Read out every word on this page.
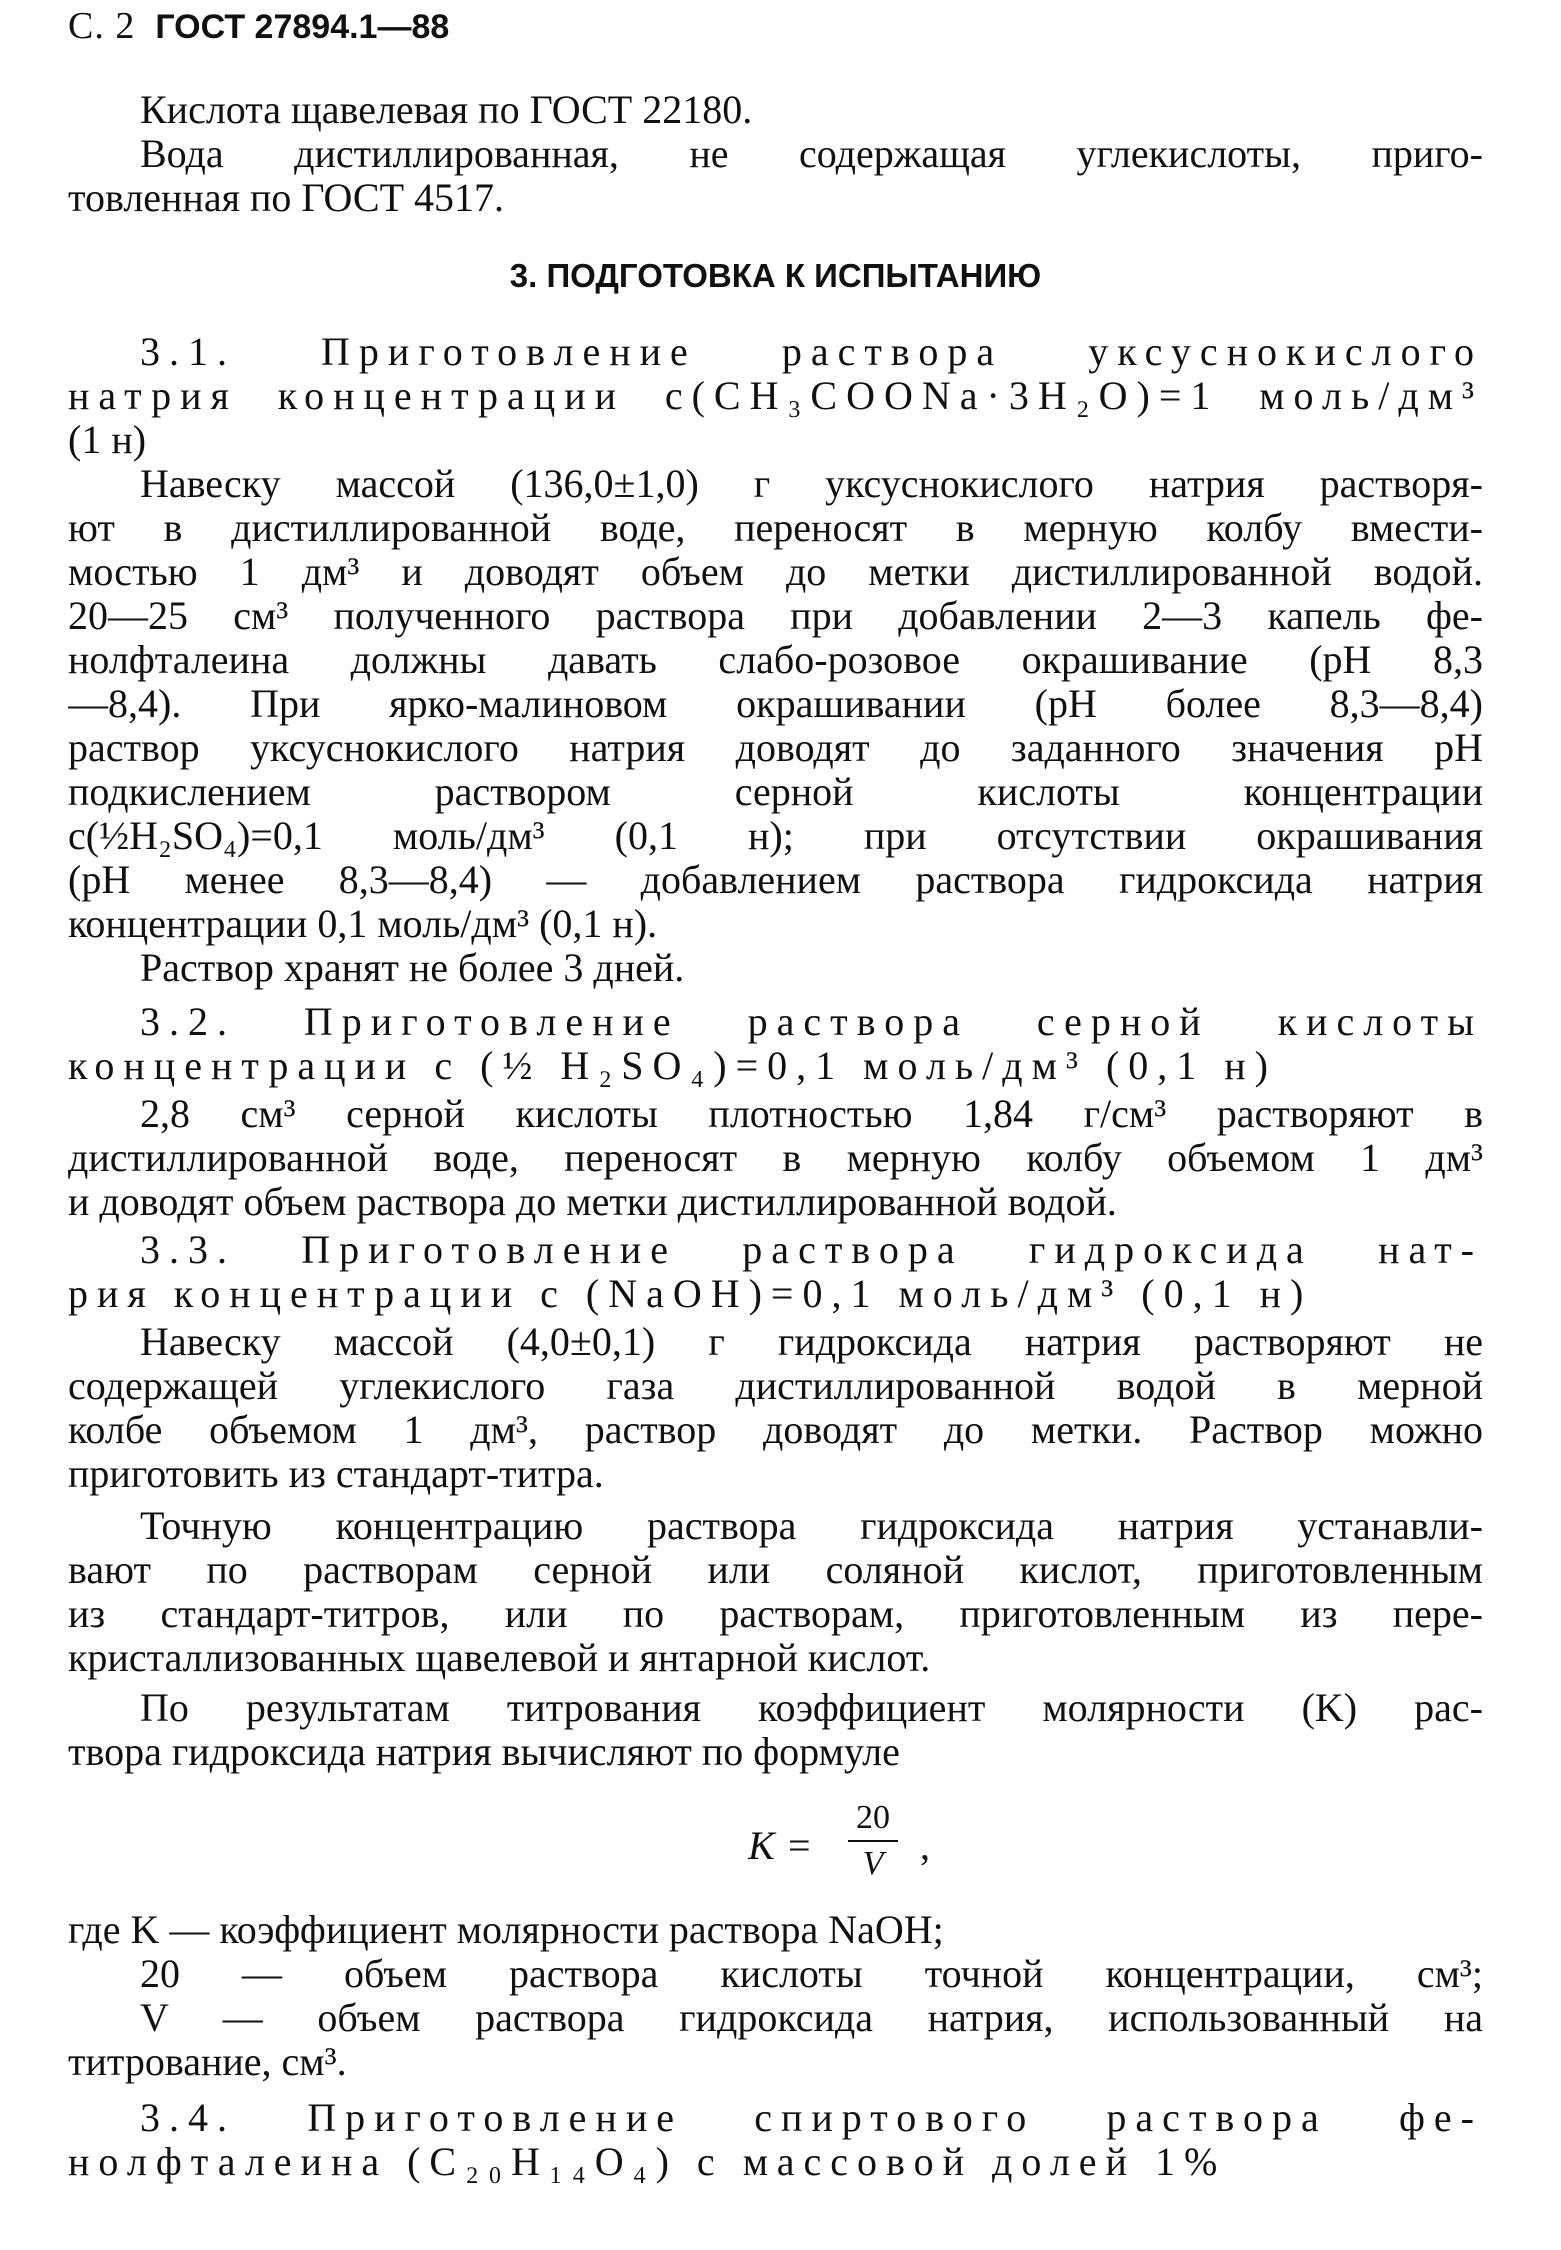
С. 2 ГОСТ 27894.1—88
Кислота щавелевая по ГОСТ 22180.
Вода дистиллированная, не содержащая углекислоты, приго-
товленная по ГОСТ 4517.
3. ПОДГОТОВКА К ИСПЫТАНИЮ
3.1. Приготовление раствора уксуснокислого
натрия концентрации c(CH₃COONa·3H₂O)=1 моль/дм³
(1 н)
Навеску массой (136,0±1,0) г уксуснокислого натрия растворя-
ют в дистиллированной воде, переносят в мерную колбу вмести-
мостью 1 дм³ и доводят объем до метки дистиллированной водой.
20—25 см³ полученного раствора при добавлении 2—3 капель фе-
нолфталеина должны давать слабо-розовое окрашивание (pH 8,3
—8,4). При ярко-малиновом окрашивании (pH более 8,3—8,4)
раствор уксуснокислого натрия доводят до заданного значения pH
подкислением раствором серной кислоты концентрации
c(½H₂SO₄)=0,1 моль/дм³ (0,1 н); при отсутствии окрашивания
(pH менее 8,3—8,4) — добавлением раствора гидроксида натрия
концентрации 0,1 моль/дм³ (0,1 н).
Раствор хранят не более 3 дней.
3.2. Приготовление раствора серной кислоты
концентрации c (½ H₂SO₄)=0,1 моль/дм³ (0,1 н)
2,8 см³ серной кислоты плотностью 1,84 г/см³ растворяют в
дистиллированной воде, переносят в мерную колбу объемом 1 дм³
и доводят объем раствора до метки дистиллированной водой.
3.3. Приготовление раствора гидроксида нат-
рия концентрации c (NaOH)=0,1 моль/дм³ (0,1 н)
Навеску массой (4,0±0,1) г гидроксида натрия растворяют не
содержащей углекислого газа дистиллированной водой в мерной
колбе объемом 1 дм³, раствор доводят до метки. Раствор можно
приготовить из стандарт-титра.
Точную концентрацию раствора гидроксида натрия устанавли-
вают по растворам серной или соляной кислот, приготовленным
из стандарт-титров, или по растворам, приготовленным из пере-
кристаллизованных щавелевой и янтарной кислот.
По результатам титрования коэффициент молярности (K) рас-
твора гидроксида натрия вычисляют по формуле
K =
20
V ,
где K — коэффициент молярности раствора NaOH;
20 — объем раствора кислоты точной концентрации, см³;
V — объем раствора гидроксида натрия, использованный на
титрование, см³.
3.4. Приготовление спиртового раствора фе-
нолфталеина (C₂₀H₁₄O₄) с массовой долей 1%
